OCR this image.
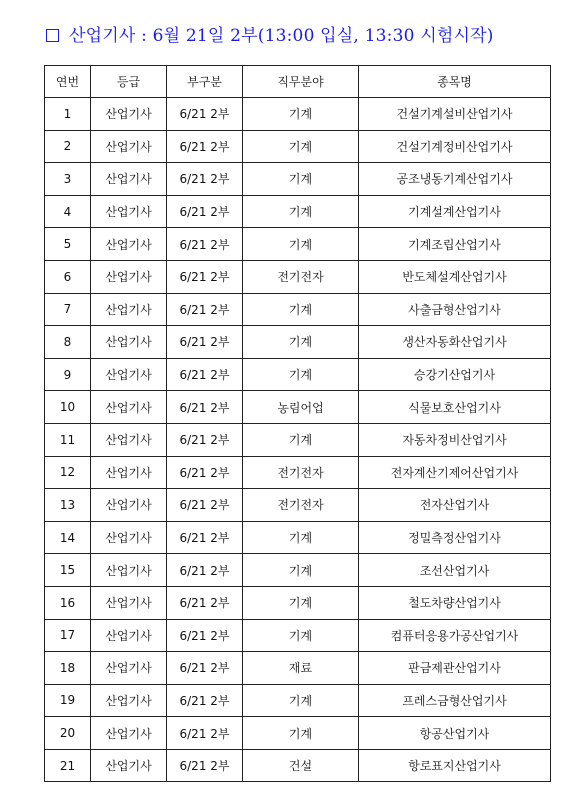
산업기사 : 6월 21일 2부(13:00 입실, 13:30 시험시작)
연번	등급	부구분	직무분야	종목명
1	산업기사	6/21 2부	기계	건설기계설비산업기사
2	산업기사	6/21 2부	기계	건설기계정비산업기사
3	산업기사	6/21 2부	기계	공조냉동기계산업기사
4	산업기사	6/21 2부	기계	기계설계산업기사
5	산업기사	6/21 2부	기계	기계조립산업기사
6	산업기사	6/21 2부	전기전자	반도체설계산업기사
7	산업기사	6/21 2부	기계	사출금형산업기사
8	산업기사	6/21 2부	기계	생산자동화산업기사
9	산업기사	6/21 2부	기계	승강기산업기사
10	산업기사	6/21 2부	농림어업	식물보호산업기사
11	산업기사	6/21 2부	기계	자동차정비산업기사
12	산업기사	6/21 2부	전기전자	전자계산기제어산업기사
13	산업기사	6/21 2부	전기전자	전자산업기사
14	산업기사	6/21 2부	기계	정밀측정산업기사
15	산업기사	6/21 2부	기계	조선산업기사
16	산업기사	6/21 2부	기계	철도차량산업기사
17	산업기사	6/21 2부	기계	컴퓨터응용가공산업기사
18	산업기사	6/21 2부	재료	판금제관산업기사
19	산업기사	6/21 2부	기계	프레스금형산업기사
20	산업기사	6/21 2부	기계	항공산업기사
21	산업기사	6/21 2부	건설	항로표지산업기사
